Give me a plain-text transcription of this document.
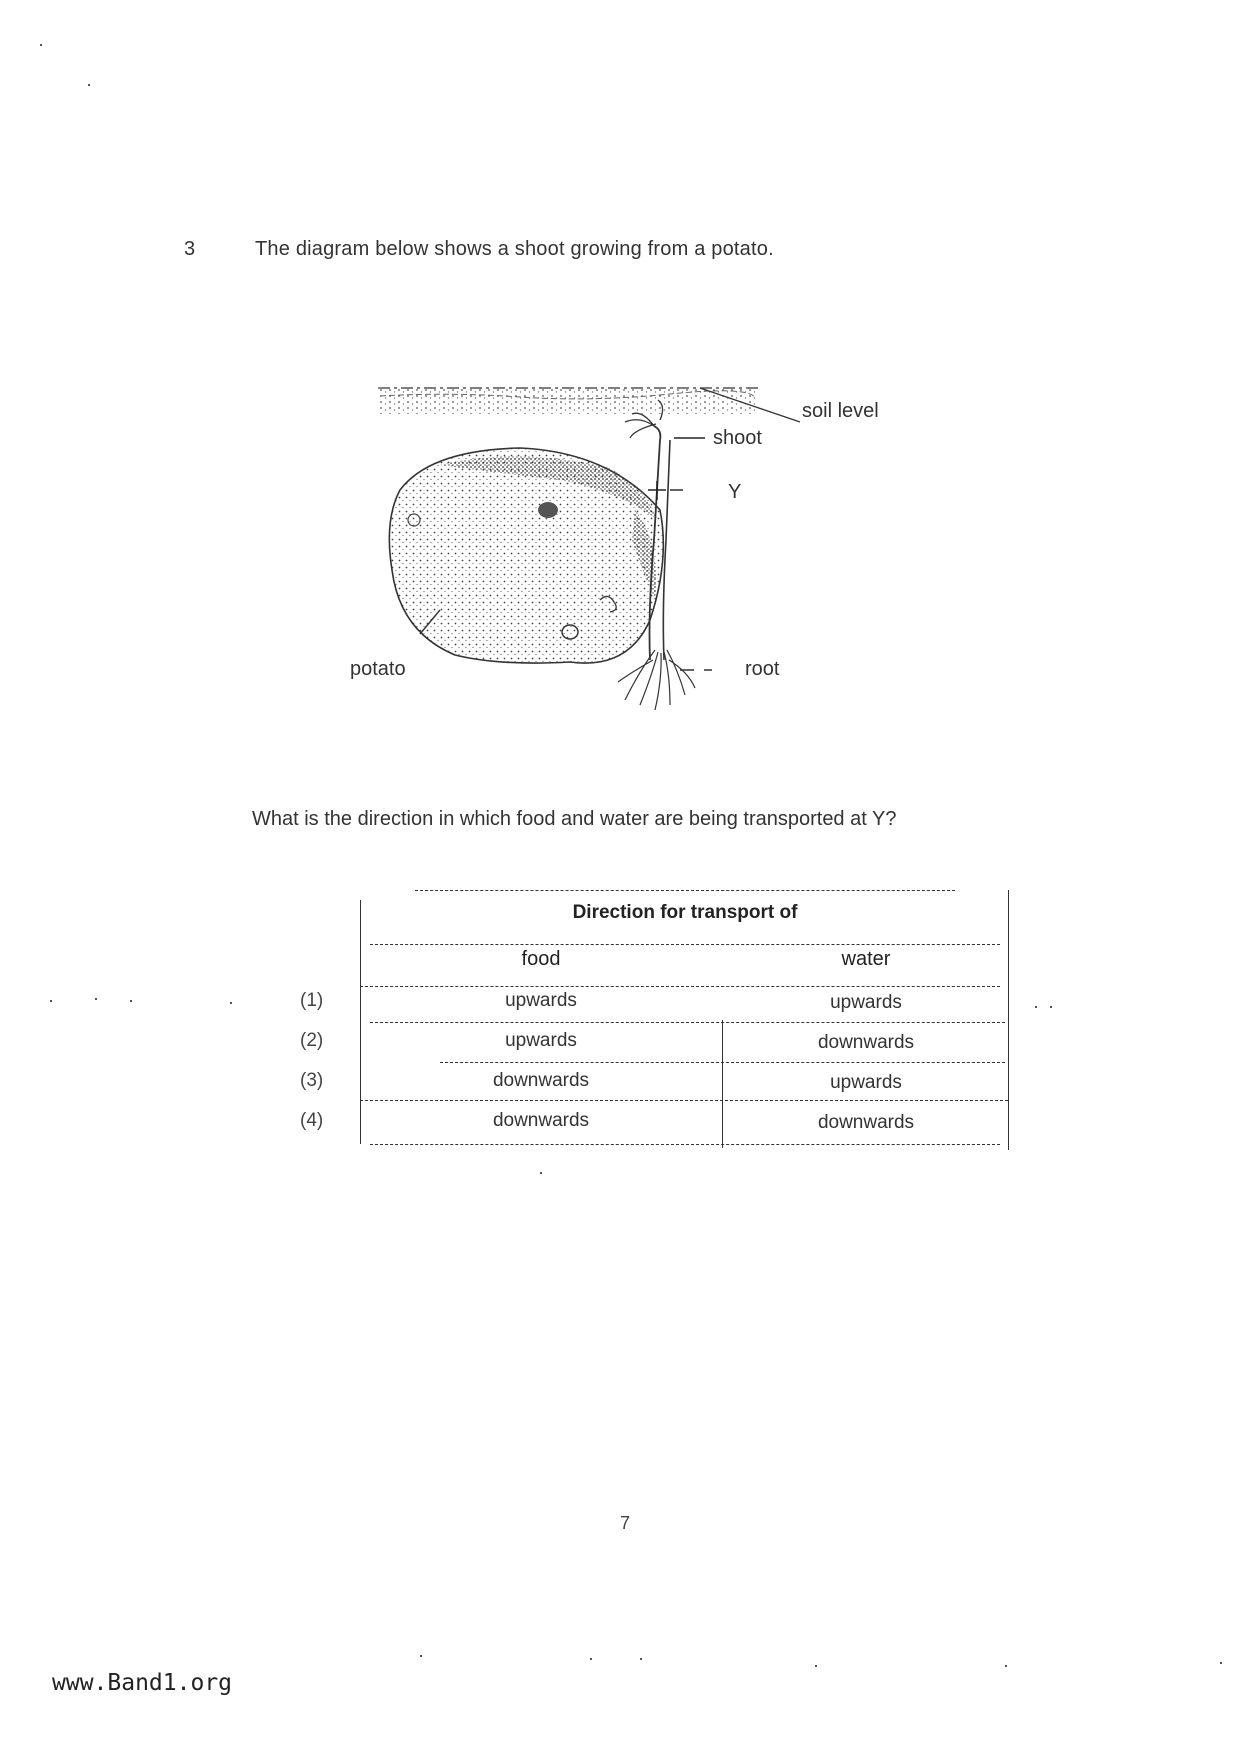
3	The diagram below shows a shoot growing from a potato.
soil level
shoot
Y
potato	root
What is the direction in which food and water are being transported at Y?
Direction for transport of
food	water
(1)	upwards	upwards
(2)	upwards	downwards
(3)	downwards	upwards
(4)	downwards	downwards
7
www.Band1.org
